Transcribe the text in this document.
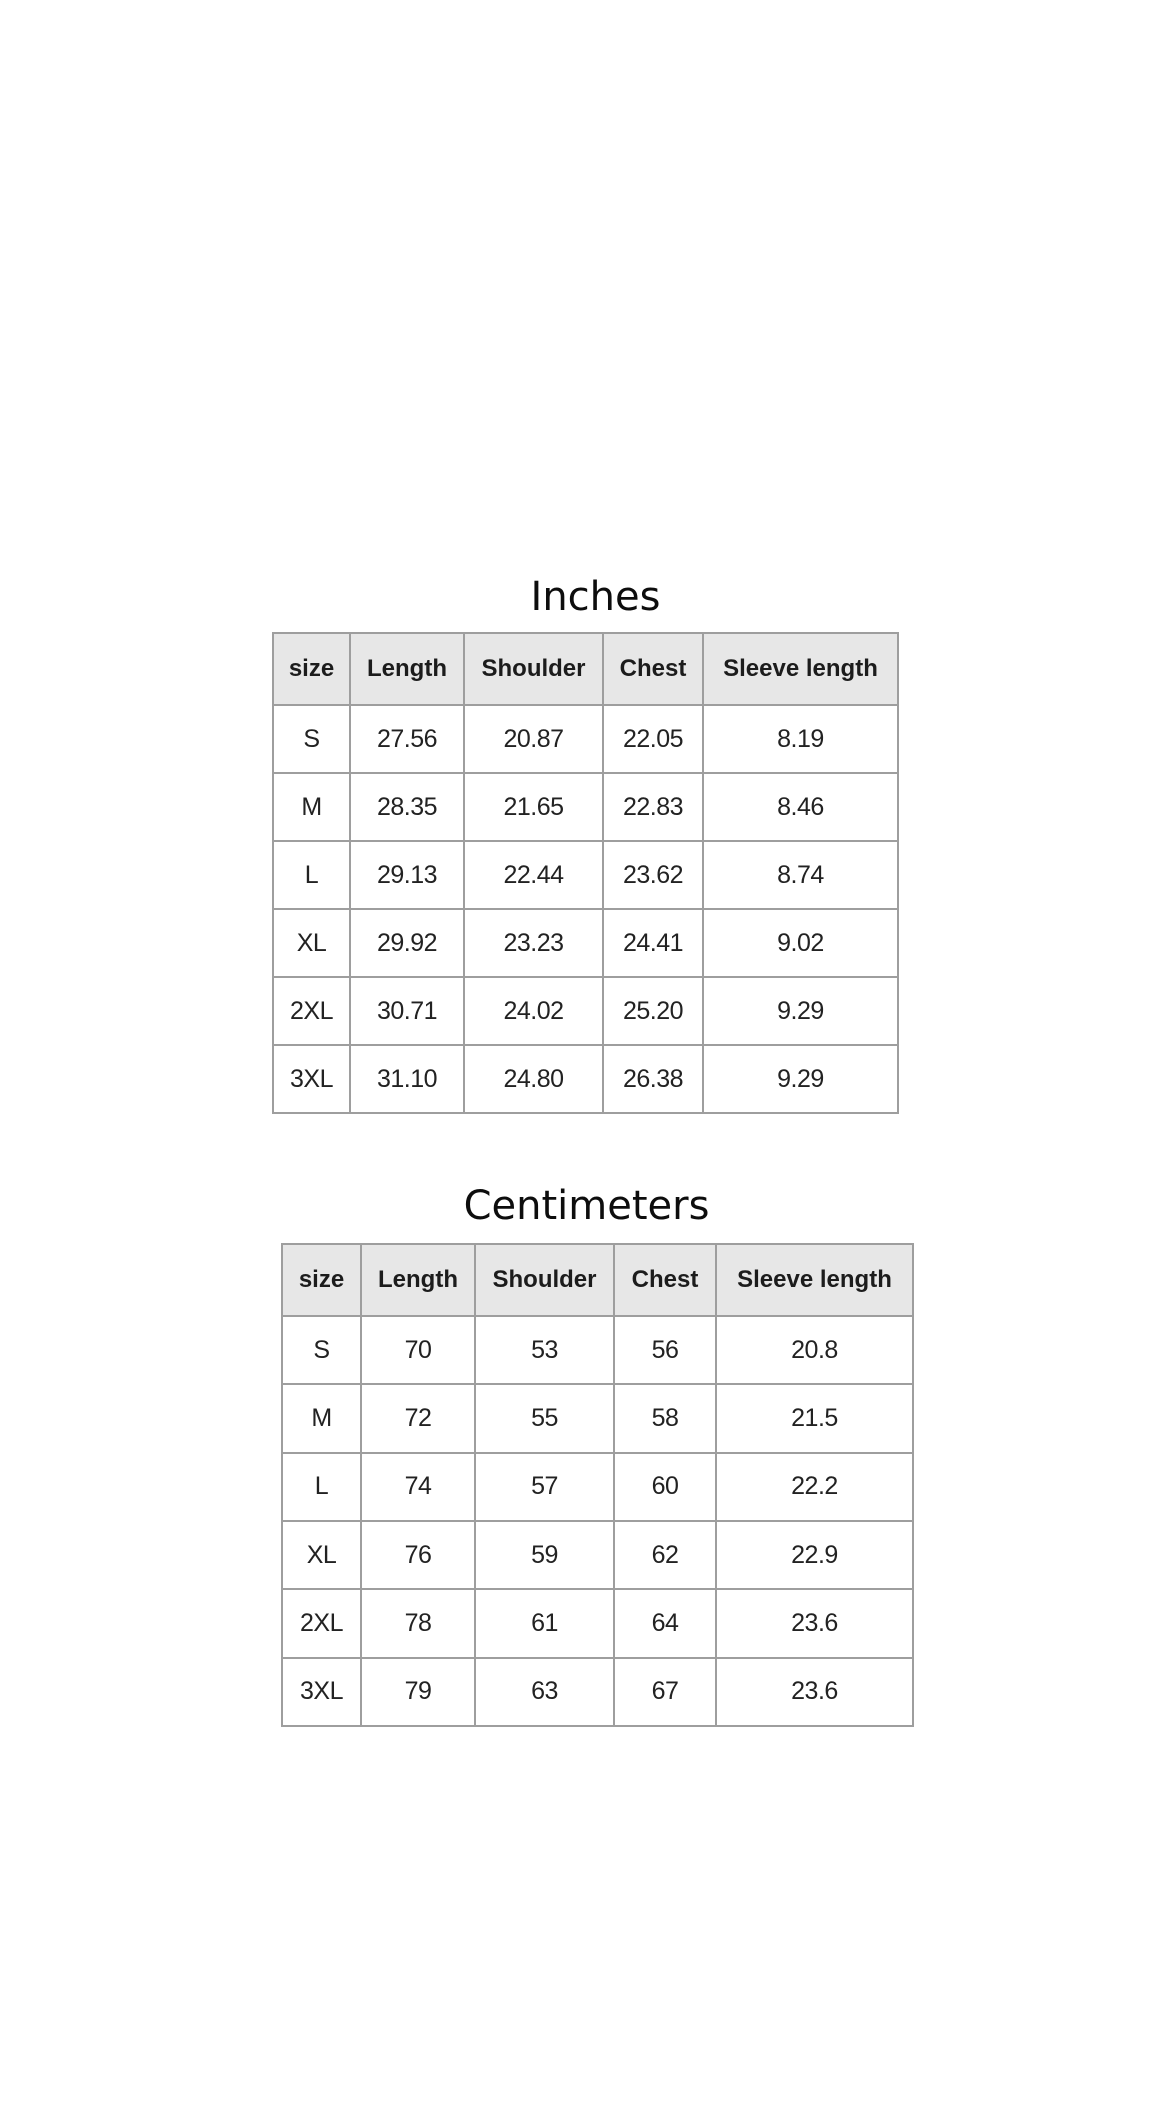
Inches
size	Length	Shoulder	Chest	Sleeve length
S	27.56	20.87	22.05	8.19
M	28.35	21.65	22.83	8.46
L	29.13	22.44	23.62	8.74
XL	29.92	23.23	24.41	9.02
2XL	30.71	24.02	25.20	9.29
3XL	31.10	24.80	26.38	9.29
Centimeters
size	Length	Shoulder	Chest	Sleeve length
S	70	53	56	20.8
M	72	55	58	21.5
L	74	57	60	22.2
XL	76	59	62	22.9
2XL	78	61	64	23.6
3XL	79	63	67	23.6
